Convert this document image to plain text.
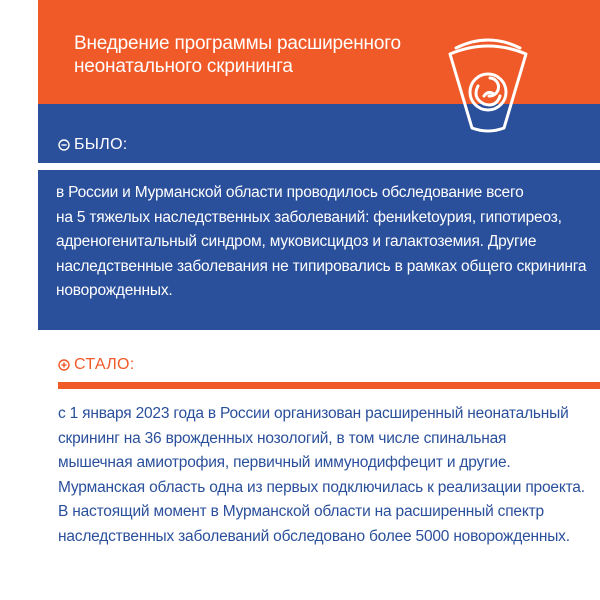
Внедрение программы расширенного
неонатального скрининга
БЫЛО:
в России и Мурманской области проводилось обследование всего
на 5 тяжелых наследственных заболеваний: фениketоурия, гипотиреоз,
адреногенитальный синдром, муковисцидоз и галактоземия. Другие
наследственные заболевания не типировались в рамках общего скрининга
новорожденных.
СТАЛО:
с 1 января 2023 года в России организован расширенный неонатальный
скрининг на 36 врожденных нозологий, в том числе спинальная
мышечная амиотрофия, первичный иммунодиффецит и другие.
Мурманская область одна из первых подключилась к реализации проекта.
В настоящий момент в Мурманской области на расширенный спектр
наследственных заболеваний обследовано более 5000 новорожденных.
